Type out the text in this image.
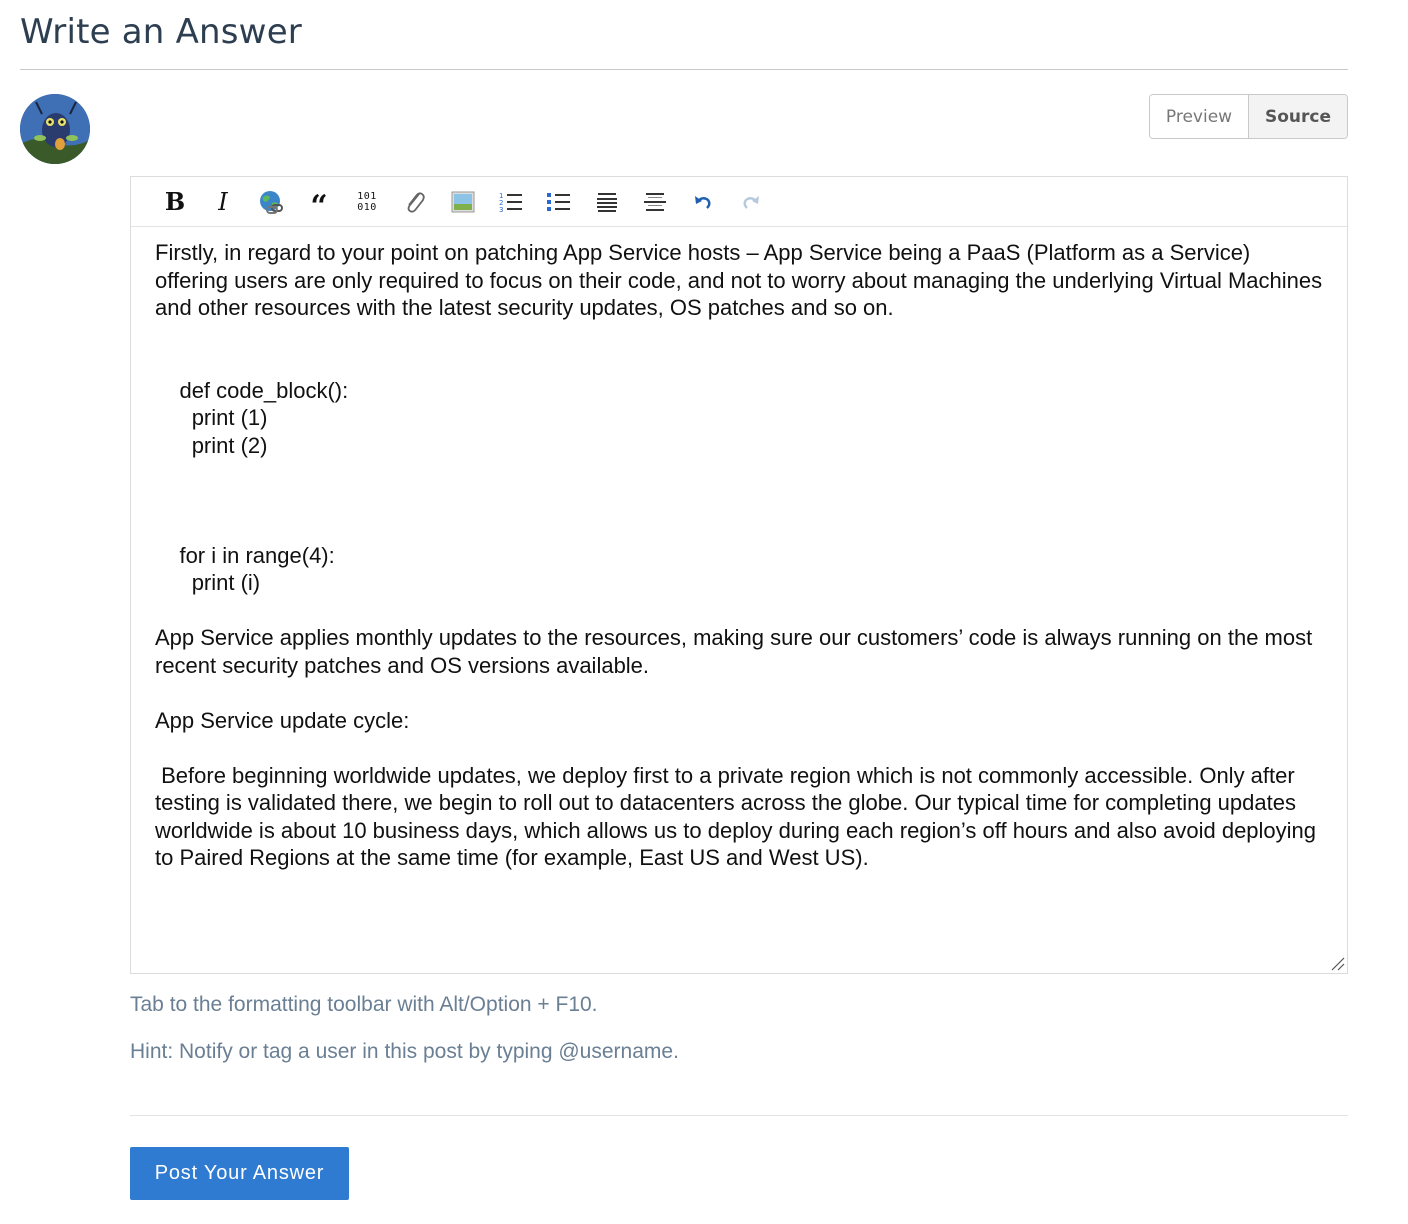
Write an Answer
Preview	Source
B I	“	101
010
1
2
3
Firstly, in regard to your point on patching App Service hosts – App Service being a PaaS (Platform as a Service) offering users are only required to focus on their code, and not to worry about managing the underlying Virtual Machines and other resources with the latest security updates, OS patches and so on.

def code_block():
print (1)
print (2)

for i in range(4):
print (i)

App Service applies monthly updates to the resources, making sure our customers’ code is always running on the most recent security patches and OS versions available.

App Service update cycle:

Before beginning worldwide updates, we deploy first to a private region which is not commonly accessible. Only after testing is validated there, we begin to roll out to datacenters across the globe. Our typical time for completing updates worldwide is about 10 business days, which allows us to deploy during each region’s off hours and also avoid deploying to Paired Regions at the same time (for example, East US and West US).
Tab to the formatting toolbar with Alt/Option + F10.
Hint: Notify or tag a user in this post by typing @username.
Post Your Answer
